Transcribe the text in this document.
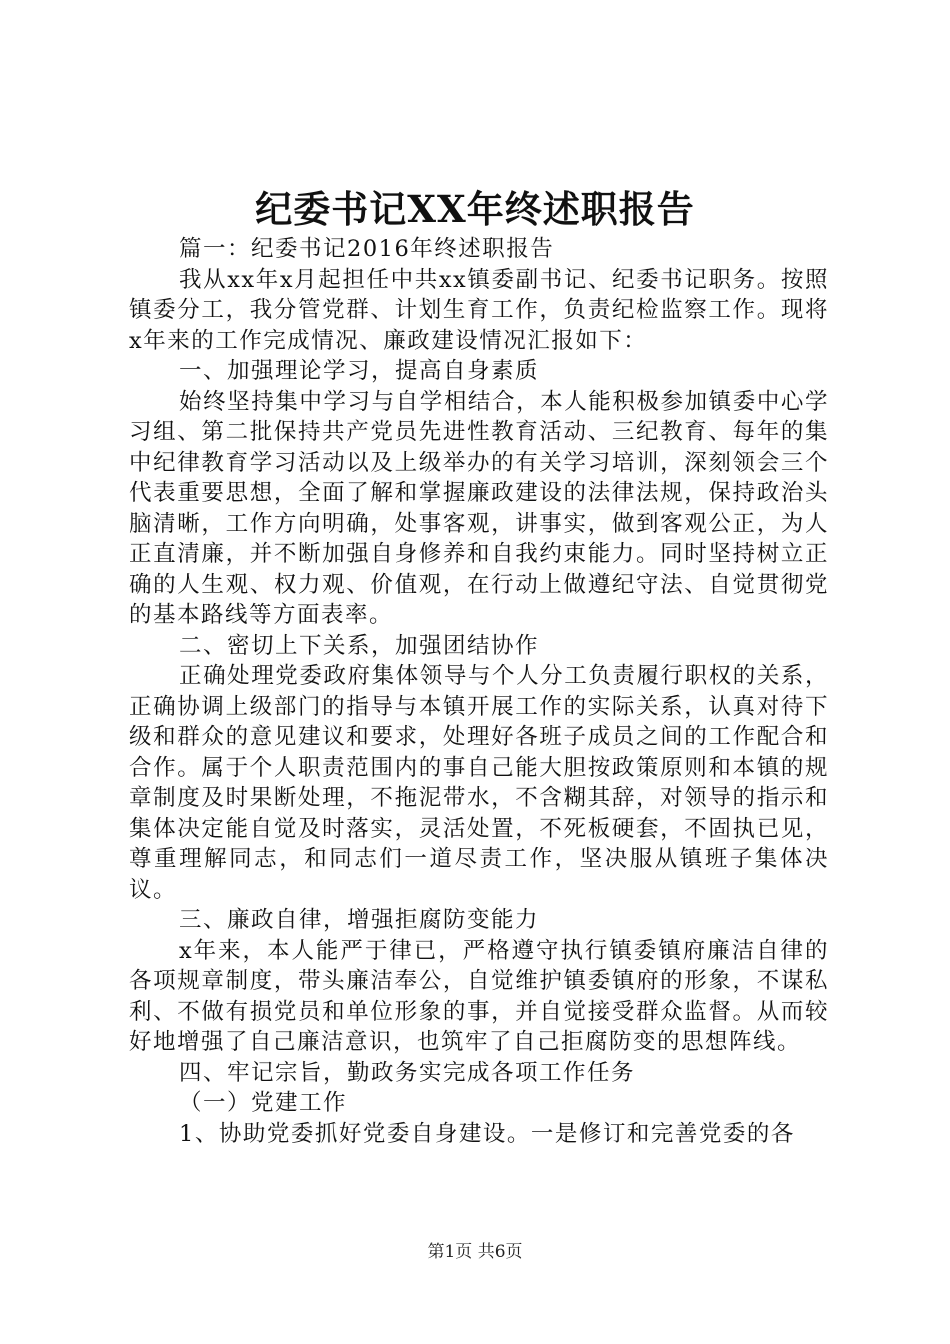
纪委书记XX年终述职报告

篇一：纪委书记2016年终述职报告

我从xx年x月起担任中共xx镇委副书记、纪委书记职务。按照镇委分工，我分管党群、计划生育工作，负责纪检监察工作。现将x年来的工作完成情况、廉政建设情况汇报如下：

一、加强理论学习，提高自身素质

始终坚持集中学习与自学相结合，本人能积极参加镇委中心学习组、第二批保持共产党员先进性教育活动、三纪教育、每年的集中纪律教育学习活动以及上级举办的有关学习培训，深刻领会三个代表重要思想，全面了解和掌握廉政建设的法律法规，保持政治头脑清晰，工作方向明确，处事客观，讲事实，做到客观公正，为人正直清廉，并不断加强自身修养和自我约束能力。同时坚持树立正确的人生观、权力观、价值观，在行动上做遵纪守法、自觉贯彻党的基本路线等方面表率。

二、密切上下关系，加强团结协作

正确处理党委政府集体领导与个人分工负责履行职权的关系，正确协调上级部门的指导与本镇开展工作的实际关系，认真对待下级和群众的意见建议和要求，处理好各班子成员之间的工作配合和合作。属于个人职责范围内的事自己能大胆按政策原则和本镇的规章制度及时果断处理，不拖泥带水，不含糊其辞，对领导的指示和集体决定能自觉及时落实，灵活处置，不死板硬套，不固执已见，尊重理解同志，和同志们一道尽责工作，坚决服从镇班子集体决议。

三、廉政自律，增强拒腐防变能力

x年来，本人能严于律已，严格遵守执行镇委镇府廉洁自律的各项规章制度，带头廉洁奉公，自觉维护镇委镇府的形象，不谋私利、不做有损党员和单位形象的事，并自觉接受群众监督。从而较好地增强了自己廉洁意识，也筑牢了自己拒腐防变的思想阵线。

四、牢记宗旨，勤政务实完成各项工作任务

（一）党建工作

1、协助党委抓好党委自身建设。一是修订和完善党委的各

第1页 共6页
